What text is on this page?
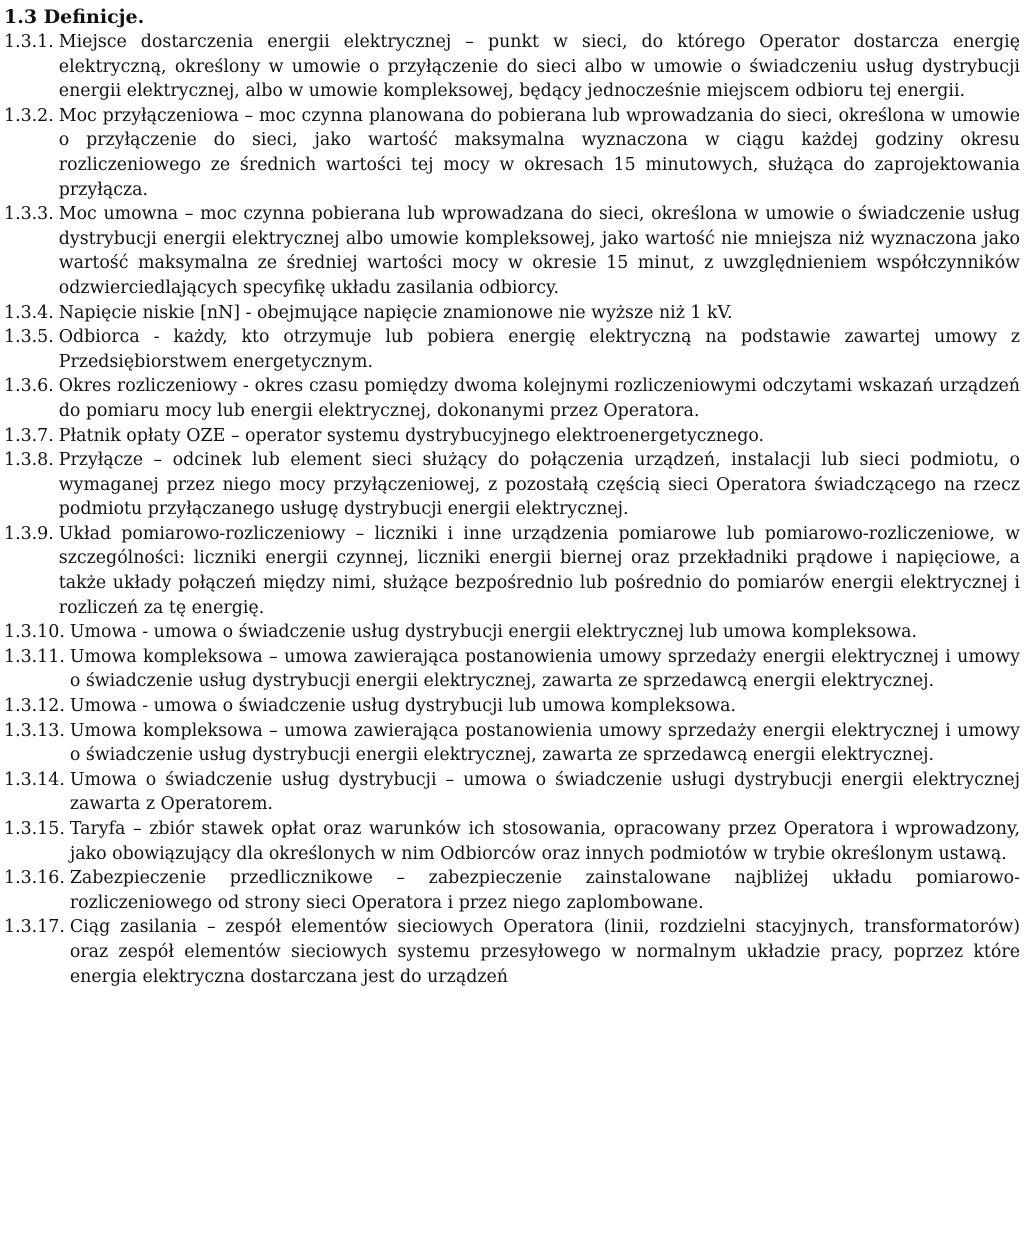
1.3 Definicje.
1.3.1. Miejsce dostarczenia energii elektrycznej – punkt w sieci, do którego Operator dostarcza energię elektryczną, określony w umowie o przyłączenie do sieci albo w umowie o świadczeniu usług dystrybucji energii elektrycznej, albo w umowie kompleksowej, będący jednocześnie miejscem odbioru tej energii.
1.3.2. Moc przyłączeniowa – moc czynna planowana do pobierana lub wprowadzania do sieci, określona w umowie o przyłączenie do sieci, jako wartość maksymalna wyznaczona w ciągu każdej godziny okresu rozliczeniowego ze średnich wartości tej mocy w okresach 15 minutowych, służąca do zaprojektowania przyłącza.
1.3.3. Moc umowna – moc czynna pobierana lub wprowadzana do sieci, określona w umowie o świadczenie usług dystrybucji energii elektrycznej albo umowie kompleksowej, jako wartość nie mniejsza niż wyznaczona jako wartość maksymalna ze średniej wartości mocy w okresie 15 minut, z uwzględnieniem współczynników odzwierciedlających specyfikę układu zasilania odbiorcy.
1.3.4. Napięcie niskie [nN] - obejmujące napięcie znamionowe nie wyższe niż 1 kV.
1.3.5. Odbiorca - każdy, kto otrzymuje lub pobiera energię elektryczną na podstawie zawartej umowy z Przedsiębiorstwem energetycznym.
1.3.6. Okres rozliczeniowy - okres czasu pomiędzy dwoma kolejnymi rozliczeniowymi odczytami wskazań urządzeń do pomiaru mocy lub energii elektrycznej, dokonanymi przez Operatora.
1.3.7. Płatnik opłaty OZE – operator systemu dystrybucyjnego elektroenergetycznego.
1.3.8. Przyłącze – odcinek lub element sieci służący do połączenia urządzeń, instalacji lub sieci podmiotu, o wymaganej przez niego mocy przyłączeniowej, z pozostałą częścią sieci Operatora świadczącego na rzecz podmiotu przyłączanego usługę dystrybucji energii elektrycznej.
1.3.9. Układ pomiarowo-rozliczeniowy – liczniki i inne urządzenia pomiarowe lub pomiarowo-rozliczeniowe, w szczególności: liczniki energii czynnej, liczniki energii biernej oraz przekładniki prądowe i napięciowe, a także układy połączeń między nimi, służące bezpośrednio lub pośrednio do pomiarów energii elektrycznej i rozliczeń za tę energię.
1.3.10. Umowa - umowa o świadczenie usług dystrybucji energii elektrycznej lub umowa kompleksowa.
1.3.11. Umowa kompleksowa – umowa zawierająca postanowienia umowy sprzedaży energii elektrycznej i umowy o świadczenie usług dystrybucji energii elektrycznej, zawarta ze sprzedawcą energii elektrycznej.
1.3.12. Umowa - umowa o świadczenie usług dystrybucji lub umowa kompleksowa.
1.3.13. Umowa kompleksowa – umowa zawierająca postanowienia umowy sprzedaży energii elektrycznej i umowy o świadczenie usług dystrybucji energii elektrycznej, zawarta ze sprzedawcą energii elektrycznej.
1.3.14. Umowa o świadczenie usług dystrybucji – umowa o świadczenie usługi dystrybucji energii elektrycznej zawarta z Operatorem.
1.3.15. Taryfa – zbiór stawek opłat oraz warunków ich stosowania, opracowany przez Operatora i wprowadzony, jako obowiązujący dla określonych w nim Odbiorców oraz innych podmiotów w trybie określonym ustawą.
1.3.16. Zabezpieczenie przedlicznikowe – zabezpieczenie zainstalowane najbliżej układu pomiarowo-rozliczeniowego od strony sieci Operatora i przez niego zaplombowane.
1.3.17. Ciąg zasilania – zespół elementów sieciowych Operatora (linii, rozdzielni stacyjnych, transformatorów) oraz zespół elementów sieciowych systemu przesyłowego w normalnym układzie pracy, poprzez które energia elektryczna dostarczana jest do urządzeń
